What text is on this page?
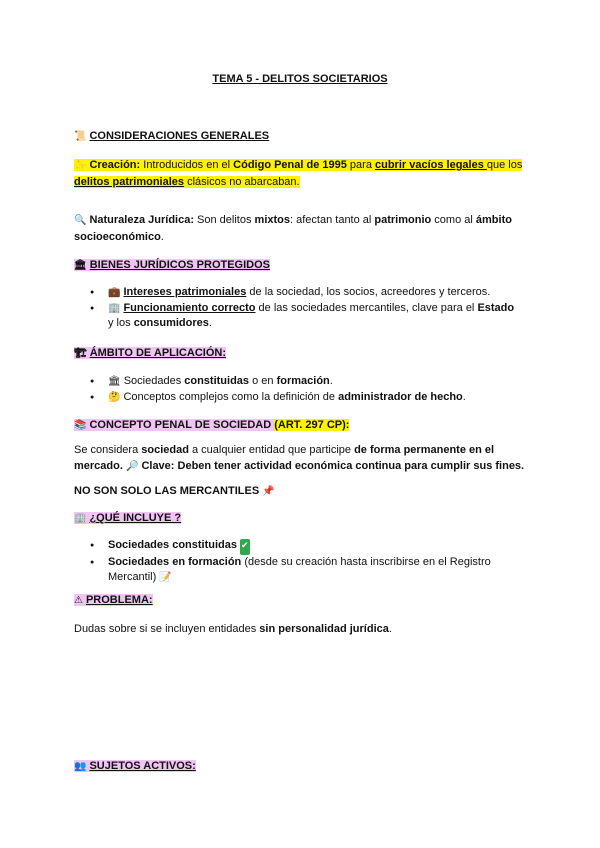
TEMA 5 - DELITOS SOCIETARIOS
📜 CONSIDERACIONES GENERALES
✨ Creación: Introducidos en el Código Penal de 1995 para cubrir vacíos legales que los
delitos patrimoniales clásicos no abarcaban.
🔍 Naturaleza Jurídica: Son delitos mixtos: afectan tanto al patrimonio como al ámbito
socioeconómico.
🏛 BIENES JURÍDICOS PROTEGIDOS
● 💼 Intereses patrimoniales de la sociedad, los socios, acreedores y terceros.
● 🏢 Funcionamiento correcto de las sociedades mercantiles, clave para el Estado
y los consumidores.
🏗 ÁMBITO DE APLICACIÓN:
● 🏛 Sociedades constituidas o en formación.
● 🤔 Conceptos complejos como la definición de administrador de hecho.
📚 CONCEPTO PENAL DE SOCIEDAD (ART. 297 CP):
Se considera sociedad a cualquier entidad que participe de forma permanente en el
mercado. 🔎 Clave: Deben tener actividad económica continua para cumplir sus fines.
NO SON SOLO LAS MERCANTILES 📌
🏢 ¿QUÉ INCLUYE ?
● Sociedades constituidas ✔
● Sociedades en formación (desde su creación hasta inscribirse en el Registro
Mercantil) 📝
⚠ PROBLEMA:
Dudas sobre si se incluyen entidades sin personalidad jurídica.
👥 SUJETOS ACTIVOS:
